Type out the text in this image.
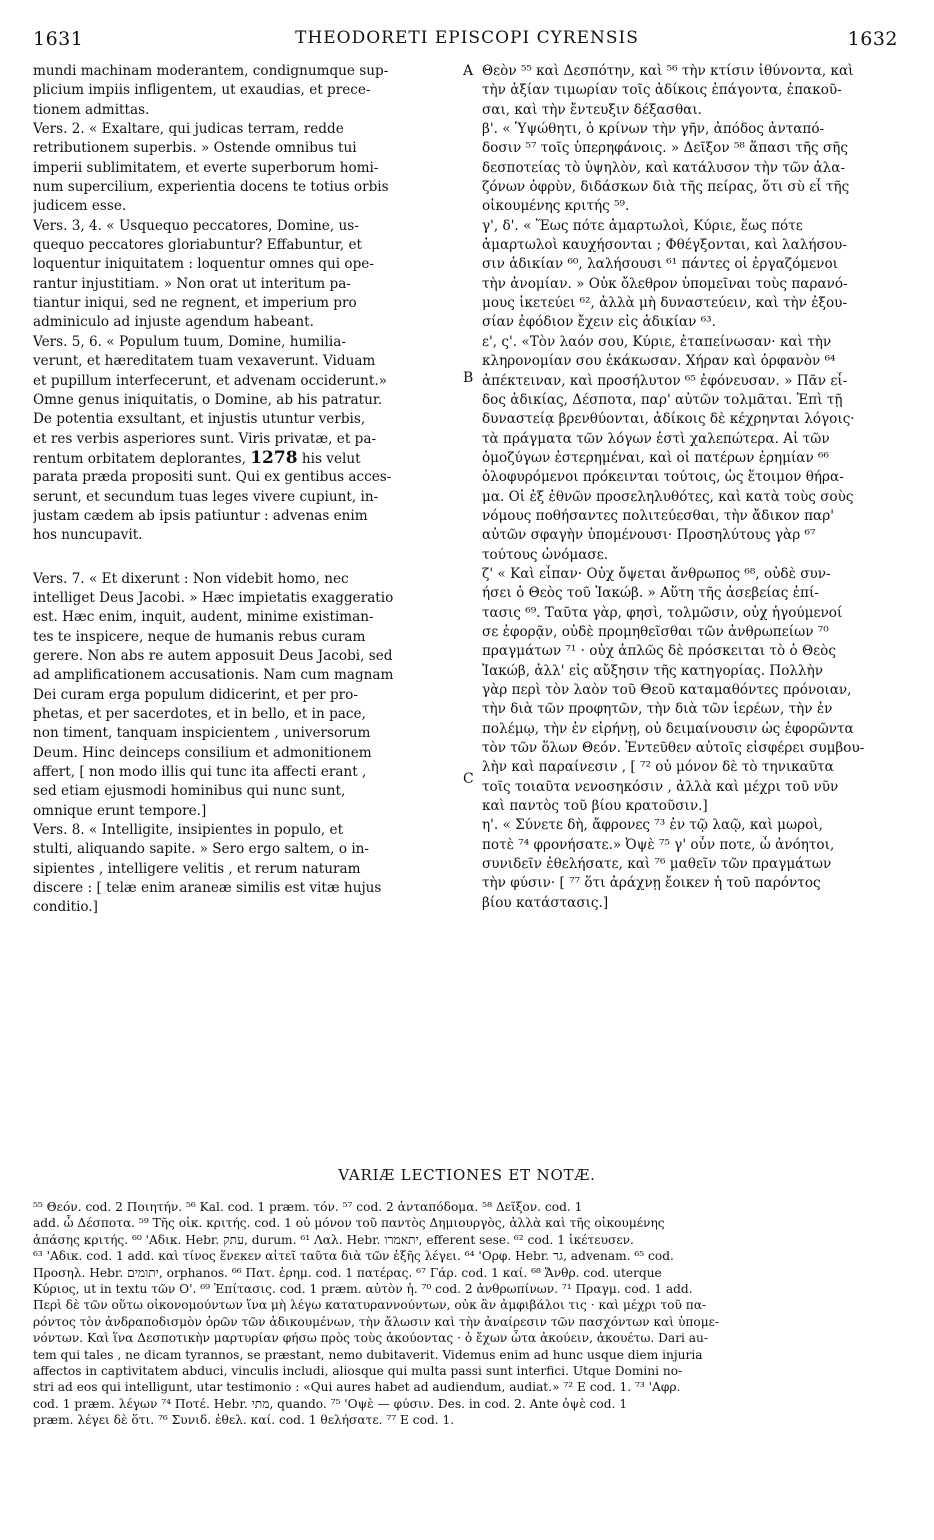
1631	THEODORETI EPISCOPI CYRENSIS	1632
A
B
C
mundi machinam moderantem, condignumque sup-
plicium impiis infligentem, ut exaudias, et prece-
tionem admittas.
Vers. 2. « Exaltare, qui judicas terram, redde
retributionem superbis. » Ostende omnibus tui
imperii sublimitatem, et everte superborum homi-
num supercilium, experientia docens te totius orbis
judicem esse.
Vers. 3, 4. « Usquequo peccatores, Domine, us-
quequo peccatores gloriabuntur? Effabuntur, et
loquentur iniquitatem : loquentur omnes qui ope-
rantur injustitiam. » Non orat ut interitum pa-
tiantur iniqui, sed ne regnent, et imperium pro
adminiculo ad injuste agendum habeant.
Vers. 5, 6. « Populum tuum, Domine, humilia-
verunt, et hæreditatem tuam vexaverunt. Viduam
et pupillum interfecerunt, et advenam occiderunt.»
Omne genus iniquitatis, o Domine, ab his patratur.
De potentia exsultant, et injustis utuntur verbis,
et res verbis asperiores sunt. Viris privatæ, et pa-
rentum orbitatem deplorantes, 1278 his velut
parata præda propositi sunt. Qui ex gentibus acces-
serunt, et secundum tuas leges vivere cupiunt, in-
justam cædem ab ipsis patiuntur : advenas enim
hos nuncupavit.
Vers. 7. « Et dixerunt : Non videbit homo, nec
intelliget Deus Jacobi. » Hæc impietatis exaggeratio
est. Hæc enim, inquit, audent, minime existiman-
tes te inspicere, neque de humanis rebus curam
gerere. Non abs re autem apposuit Deus Jacobi, sed
ad amplificationem accusationis. Nam cum magnam
Dei curam erga populum didicerint, et per pro-
phetas, et per sacerdotes, et in bello, et in pace,
non timent, tanquam inspicientem , universorum
Deum. Hinc deinceps consilium et admonitionem
affert, [ non modo illis qui tunc ita affecti erant ,
sed etiam ejusmodi hominibus qui nunc sunt,
omnique erunt tempore.]
Vers. 8. « Intelligite, insipientes in populo, et
stulti, aliquando sapite. » Sero ergo saltem, o in-
sipientes , intelligere velitis , et rerum naturam
discere : [ telæ enim araneæ similis est vitæ hujus
conditio.]
Θεὸν ⁵⁵ καὶ Δεσπότην, καὶ ⁵⁶ τὴν κτίσιν ἰθύνοντα, καὶ
τὴν ἀξίαν τιμωρίαν τοῖς ἀδίκοις ἐπάγοντα, ἐπακοῦ-
σαι, καὶ τὴν ἔντευξιν δέξασθαι.
β'. « Ὑψώθητι, ὁ κρίνων τὴν γῆν, ἀπόδος ἀνταπό-
δοσιν ⁵⁷ τοῖς ὑπερηφάνοις. » Δεῖξον ⁵⁸ ἅπασι τῆς σῆς
δεσποτείας τὸ ὑψηλὸν, καὶ κατάλυσον τὴν τῶν ἀλα-
ζόνων ὀφρὺν, διδάσκων διὰ τῆς πείρας, ὅτι σὺ εἶ τῆς
οἰκουμένης κριτής ⁵⁹.
γ', δ'. « Ἕως πότε ἁμαρτωλοὶ, Κύριε, ἕως πότε
ἁμαρτωλοὶ καυχήσονται ; Φθέγξονται, καὶ λαλήσου-
σιν ἀδικίαν ⁶⁰, λαλήσουσι ⁶¹ πάντες οἱ ἐργαζόμενοι
τὴν ἀνομίαν. » Οὐκ ὄλεθρον ὑπομεῖναι τοὺς παρανό-
μους ἱκετεύει ⁶², ἀλλὰ μὴ δυναστεύειν, καὶ τὴν ἐξου-
σίαν ἐφόδιον ἔχειν εἰς ἀδικίαν ⁶³.
ε', ς'. «Τὸν λαόν σου, Κύριε, ἐταπείνωσαν· καὶ τὴν
κληρονομίαν σου ἐκάκωσαν. Χήραν καὶ ὀρφανὸν ⁶⁴
ἀπέκτειναν, καὶ προσήλυτον ⁶⁵ ἐφόνευσαν. » Πᾶν εἶ-
δος ἀδικίας, Δέσποτα, παρ' αὐτῶν τολμᾶται. Ἐπὶ τῇ
δυναστείᾳ βρενθύονται, ἀδίκοις δὲ κέχρηνται λόγοις·
τὰ πράγματα τῶν λόγων ἐστὶ χαλεπώτερα. Αἱ τῶν
ὁμοζύγων ἐστερημέναι, καὶ οἱ πατέρων ἐρημίαν ⁶⁶
ὀλοφυρόμενοι πρόκεινται τούτοις, ὡς ἕτοιμον θήρα-
μα. Οἱ ἐξ ἐθνῶν προσεληλυθότες, καὶ κατὰ τοὺς σοὺς
νόμους ποθήσαντες πολιτεύεσθαι, τὴν ἄδικον παρ'
αὐτῶν σφαγὴν ὑπομένουσι· Προσηλύτους γὰρ ⁶⁷
τούτους ὠνόμασε.
ζ' « Καὶ εἶπαν· Οὐχ ὄψεται ἄνθρωπος ⁶⁸, οὐδὲ συν-
ήσει ὁ Θεὸς τοῦ Ἰακώβ. » Αὕτη τῆς ἀσεβείας ἐπί-
τασις ⁶⁹. Ταῦτα γὰρ, φησὶ, τολμῶσιν, οὐχ ἡγούμενοί
σε ἐφορᾷν, οὐδὲ προμηθεῖσθαι τῶν ἀνθρωπείων ⁷⁰
πραγμάτων ⁷¹ · οὐχ ἁπλῶς δὲ πρόσκειται τὸ ὁ Θεὸς
Ἰακώβ, ἀλλ' εἰς αὔξησιν τῆς κατηγορίας. Πολλὴν
γὰρ περὶ τὸν λαὸν τοῦ Θεοῦ καταμαθόντες πρόνοιαν,
τὴν διὰ τῶν προφητῶν, τὴν διὰ τῶν ἱερέων, τὴν ἐν
πολέμῳ, τὴν ἐν εἰρήνῃ, οὐ δειμαίνουσιν ὡς ἐφορῶντα
τὸν τῶν ὅλων Θεόν. Ἐντεῦθεν αὐτοῖς εἰσφέρει συμβου-
λὴν καὶ παραίνεσιν , [ ⁷² οὐ μόνον δὲ τὸ τηνικαῦτα
τοῖς τοιαῦτα νενοσηκόσιν , ἀλλὰ καὶ μέχρι τοῦ νῦν
καὶ παντὸς τοῦ βίου κρατοῦσιν.]
η'. « Σύνετε δὴ, ἄφρονες ⁷³ ἐν τῷ λαῷ, καὶ μωροὶ,
ποτὲ ⁷⁴ φρονήσατε.» Ὀψὲ ⁷⁵ γ' οὖν ποτε, ὦ ἀνόητοι,
συνιδεῖν ἐθελήσατε, καὶ ⁷⁶ μαθεῖν τῶν πραγμάτων
τὴν φύσιν· [ ⁷⁷ ὅτι ἀράχνῃ ἔοικεν ἡ τοῦ παρόντος
βίου κατάστασις.]
VARIÆ LECTIONES ET NOTÆ.
⁵⁵ Θεόν. cod. 2 Ποιητήν. ⁵⁶ Kal. cod. 1 præm. τόν. ⁵⁷ cod. 2 ἀνταπόδομα. ⁵⁸ Δεῖξον. cod. 1
add. ὦ Δέσποτα. ⁵⁹ Τῆς οἰκ. κριτής. cod. 1 οὐ μόνον τοῦ παντὸς Δημιουργὸς, ἀλλὰ καὶ τῆς οἰκουμένης
ἁπάσης κριτής. ⁶⁰ 'Αδικ. Hebr. עתק, durum. ⁶¹ Λαλ. Hebr. יתאמרו, efferent sese. ⁶² cod. 1 ἱκέτευσεν.
⁶³ 'Αδικ. cod. 1 add. καὶ τίνος ἕνεκεν αἰτεῖ ταῦτα διὰ τῶν ἑξῆς λέγει. ⁶⁴ 'Ορφ. Hebr. גר, advenam. ⁶⁵ cod.
Προσηλ. Hebr. יתומים, orphanos. ⁶⁶ Πατ. ἐρημ. cod. 1 πατέρας. ⁶⁷ Γάρ. cod. 1 καί. ⁶⁸ Ἄνθρ. cod. uterque
Κύριος, ut in textu τῶν Ο'. ⁶⁹ Ἐπίτασις. cod. 1 præm. αὐτὸν ἡ. ⁷⁰ cod. 2 ἀνθρωπίνων. ⁷¹ Πραγμ. cod. 1 add.
Περὶ δὲ τῶν οὕτω οἰκονομούντων ἵνα μὴ λέγω κατατυραννούντων, οὐκ ἂν ἀμφιβάλοι τις · καὶ μέχρι τοῦ πα-
ρόντος τὸν ἀνδραποδισμὸν ὁρῶν τῶν ἀδικουμένων, τὴν ἄλωσιν καὶ τὴν ἀναίρεσιν τῶν πασχόντων καὶ ὑπομε-
νόντων. Καὶ ἵνα Δεσποτικὴν μαρτυρίαν φήσω πρὸς τοὺς ἀκούοντας · ὁ ἔχων ὦτα ἀκούειν, ἀκουέτω. Dari au-
tem qui tales , ne dicam tyrannos, se præstant, nemo dubitaverit. Videmus enim ad hunc usque diem injuria
affectos in captivitatem abduci, vinculis includi, aliosque qui multa passi sunt interfici. Utque Domini no-
stri ad eos qui intelligunt, utar testimonio : «Qui aures habet ad audiendum, audiat.» ⁷² E cod. 1. ⁷³ 'Αφρ.
cod. 1 præm. λέγων ⁷⁴ Ποτέ. Hebr. מתי, quando. ⁷⁵ 'Οψὲ — φύσιν. Des. in cod. 2. Ante ὀψὲ cod. 1
præm. λέγει δὲ ὅτι. ⁷⁶ Συνιδ. ἐθελ. καί. cod. 1 θελήσατε. ⁷⁷ E cod. 1.
